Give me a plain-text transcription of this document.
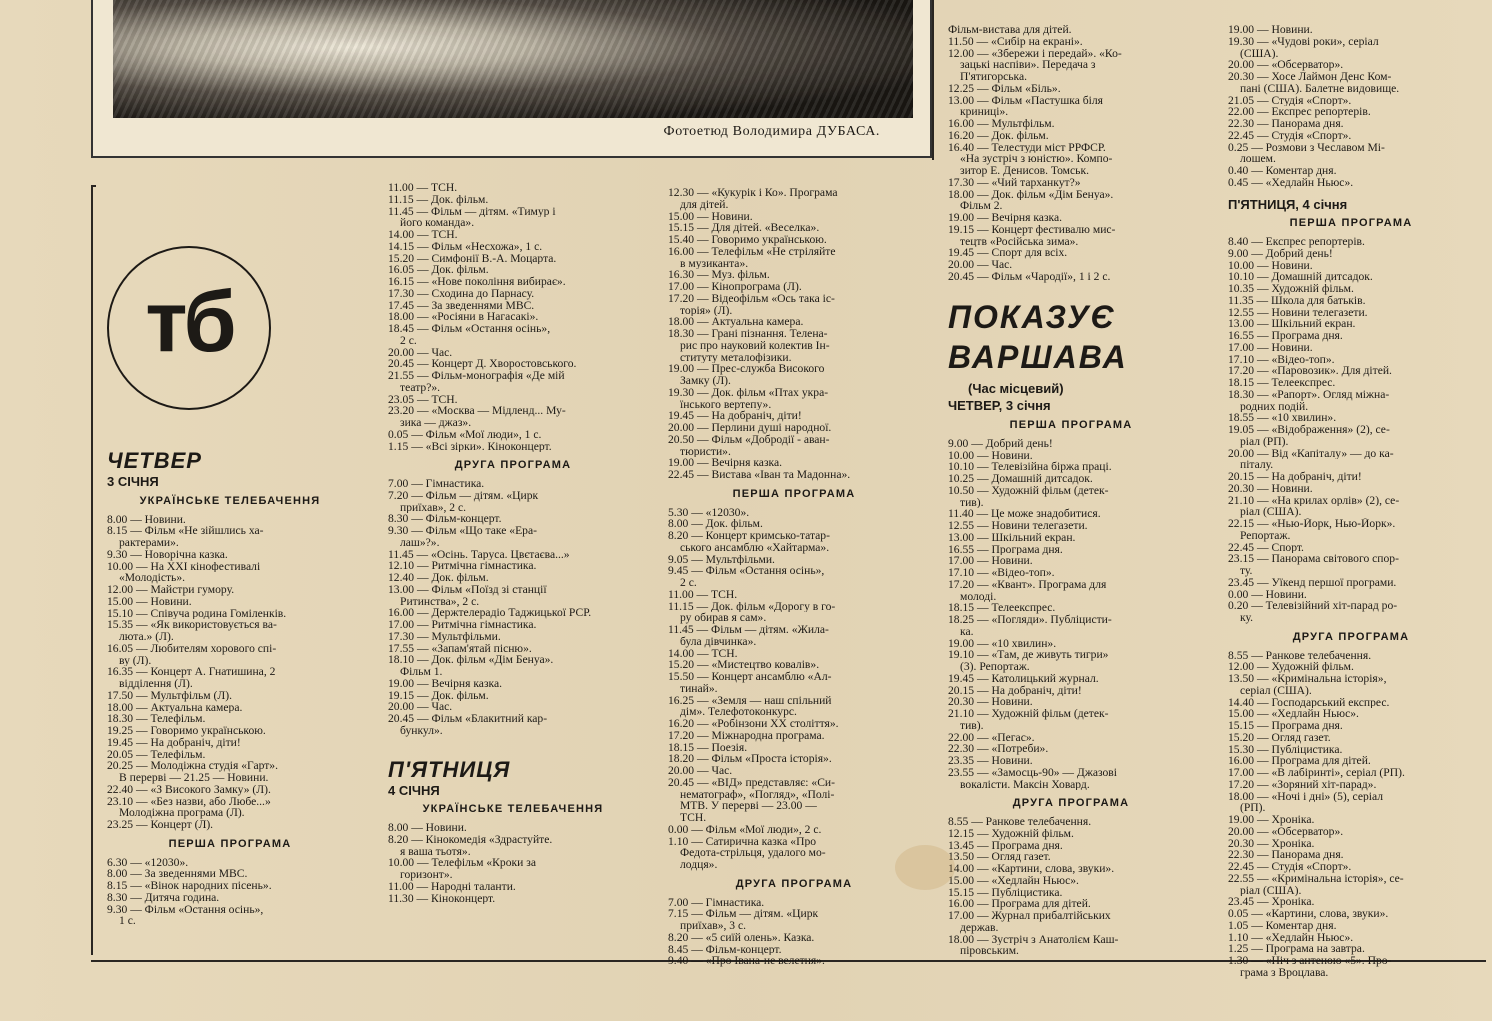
Фотоетюд Володимира ДУБАСА.
тб
ЧЕТВЕР
3 СІЧНЯ
УКРАЇНСЬКЕ ТЕЛЕБАЧЕННЯ
8.00 — Новини.
8.15 — Фільм «Не зійшлись ха-
рактерами».
9.30 — Новорічна казка.
10.00 — На XXI кінофестивалі
«Молодість».
12.00 — Майстри гумору.
15.00 — Новини.
15.10 — Співуча родина Гоміленків.
15.35 — «Як використовується ва-
люта.» (Л).
16.05 — Любителям хорового спі-
ву (Л).
16.35 — Концерт А. Гнатишина, 2
відділення (Л).
17.50 — Мультфільм (Л).
18.00 — Актуальна камера.
18.30 — Телефільм.
19.25 — Говоримо українською.
19.45 — На добраніч, діти!
20.05 — Телефільм.
20.25 — Молодіжна студія «Гарт».
В перерві — 21.25 — Новини.
22.40 — «З Високого Замку» (Л).
23.10 — «Без назви, або Любе...»
Молодіжна програма (Л).
23.25 — Концерт (Л).
ПЕРША ПРОГРАМА
6.30 — «12030».
8.00 — За зведеннями МВС.
8.15 — «Вінок народних пісень».
8.30 — Дитяча година.
9.30 — Фільм «Остання осінь»,
1 с.
11.00 — ТСН.
11.15 — Док. фільм.
11.45 — Фільм — дітям. «Тимур і
його команда».
14.00 — ТСН.
14.15 — Фільм «Несхожа», 1 с.
15.20 — Симфонії В.-А. Моцарта.
16.05 — Док. фільм.
16.15 — «Нове покоління вибирає».
17.30 — Сходина до Парнасу.
17.45 — За зведеннями МВС.
18.00 — «Росіяни в Нагасакі».
18.45 — Фільм «Остання осінь»,
2 с.
20.00 — Час.
20.45 — Концерт Д. Хворостовського.
21.55 — Фільм-монографія «Де мій
театр?».
23.05 — ТСН.
23.20 — «Москва — Мідленд... Му-
зика — джаз».
0.05 — Фільм «Мої люди», 1 с.
1.15 — «Всі зірки». Кіноконцерт.
ДРУГА ПРОГРАМА
7.00 — Гімнастика.
7.20 — Фільм — дітям. «Цирк
приїхав», 2 с.
8.30 — Фільм-концерт.
9.30 — Фільм «Що таке «Ера-
лаш»?».
11.45 — «Осінь. Таруса. Цвєтаєва...»
12.10 — Ритмічна гімнастика.
12.40 — Док. фільм.
13.00 — Фільм «Поїзд зі станції
Ритинства», 2 с.
16.00 — Держтелерадіо Таджицької РСР.
17.00 — Ритмічна гімнастика.
17.30 — Мультфільми.
17.55 — «Запам'ятай пісню».
18.10 — Док. фільм «Дім Бенуа».
Фільм 1.
19.00 — Вечірня казка.
19.15 — Док. фільм.
20.00 — Час.
20.45 — Фільм «Блакитний кар-
бункул».
П'ЯТНИЦЯ
4 СІЧНЯ
УКРАЇНСЬКЕ ТЕЛЕБАЧЕННЯ
8.00 — Новини.
8.20 — Кінокомедія «Здрастуйте.
я ваша тьотя».
10.00 — Телефільм «Кроки за
горизонт».
11.00 — Народні таланти.
11.30 — Кіноконцерт.
12.30 — «Кукурік і Ко». Програма
для дітей.
15.00 — Новини.
15.15 — Для дітей. «Веселка».
15.40 — Говоримо українською.
16.00 — Телефільм «Не стріляйте
в музиканта».
16.30 — Муз. фільм.
17.00 — Кінопрограма (Л).
17.20 — Відеофільм «Ось така іс-
торія» (Л).
18.00 — Актуальна камера.
18.30 — Грані пізнання. Телена-
рис про науковий колектив Ін-
ституту металофізики.
19.00 — Прес-служба Високого
Замку (Л).
19.30 — Док. фільм «Птах укра-
їнського вертепу».
19.45 — На добраніч, діти!
20.00 — Перлини душі народної.
20.50 — Фільм «Добродії - аван-
тюристи».
19.00 — Вечірня казка.
22.45 — Вистава «Іван та Мадонна».
ПЕРША ПРОГРАМА
5.30 — «12030».
8.00 — Док. фільм.
8.20 — Концерт кримсько-татар-
ського ансамблю «Хайтарма».
9.05 — Мультфільми.
9.45 — Фільм «Остання осінь»,
2 с.
11.00 — ТСН.
11.15 — Док. фільм «Дорогу в го-
ру обирав я сам».
11.45 — Фільм — дітям. «Жила-
була дівчинка».
14.00 — ТСН.
15.20 — «Мистецтво ковалів».
15.50 — Концерт ансамблю «Ал-
тинай».
16.25 — «Земля — наш спільний
дім». Телефотоконкурс.
16.20 — «Робінзони XX століття».
17.20 — Міжнародна програма.
18.15 — Поезія.
18.20 — Фільм «Проста історія».
20.00 — Час.
20.45 — «ВІД» представляє: «Си-
нематограф», «Погляд», «Полі-
МТВ. У перерві — 23.00 —
ТСН.
0.00 — Фільм «Мої люди», 2 с.
1.10 — Сатирична казка «Про
Федота-стрільця, удалого мо-
лодця».
ДРУГА ПРОГРАМА
7.00 — Гімнастика.
7.15 — Фільм — дітям. «Цирк
приїхав», 3 с.
8.20 — «5 сиїй олень». Казка.
8.45 — Фільм-концерт.
9.40 — «Про Івана-не велетня».
Фільм-вистава для дітей.
11.50 — «Сибір на екрані».
12.00 — «Збережи і передай». «Ко-
зацькі наспіви». Передача з
П'ятигорська.
12.25 — Фільм «Біль».
13.00 — Фільм «Пастушка біля
криниці».
16.00 — Мультфільм.
16.20 — Док. фільм.
16.40 — Телестуди міст РРФСР.
«На зустріч з юністю». Компо-
зитор Е. Денисов. Томськ.
17.30 — «Чий тарханкут?»
18.00 — Док. фільм «Дім Бенуа».
Фільм 2.
19.00 — Вечірня казка.
19.15 — Концерт фестивалю мис-
тецтв «Російська зима».
19.45 — Спорт для всіх.
20.00 — Час.
20.45 — Фільм «Чародії», 1 і 2 с.
ПОКАЗУЄ
ВАРШАВА
(Час місцевий)
ЧЕТВЕР, 3 січня
ПЕРША ПРОГРАМА
9.00 — Добрий день!
10.00 — Новини.
10.10 — Телевізійна біржа праці.
10.25 — Домашній дитсадок.
10.50 — Художній фільм (детек-
тив).
11.40 — Це може знадобитися.
12.55 — Новини телегазети.
13.00 — Шкільний екран.
16.55 — Програма дня.
17.00 — Новини.
17.10 — «Відео-топ».
17.20 — «Квант». Програма для
молоді.
18.15 — Телеекспрес.
18.25 — «Погляди». Публіцисти-
ка.
19.00 — «10 хвилин».
19.10 — «Там, де живуть тигри»
(3). Репортаж.
19.45 — Католицький журнал.
20.15 — На добраніч, діти!
20.30 — Новини.
21.10 — Художній фільм (детек-
тив).
22.00 — «Пегас».
22.30 — «Потреби».
23.35 — Новини.
23.55 — «Замосць-90» — Джазові
вокалісти. Максін Ховард.
ДРУГА ПРОГРАМА
8.55 — Ранкове телебачення.
12.15 — Художній фільм.
13.45 — Програма дня.
13.50 — Огляд газет.
14.00 — «Картини, слова, звуки».
15.00 — «Хедлайн Ньюс».
15.15 — Публіцистика.
16.00 — Програма для дітей.
17.00 — Журнал прибалтійських
держав.
18.00 — Зустріч з Анатолієм Каш-
піровським.
19.00 — Новини.
19.30 — «Чудові роки», серіал
(США).
20.00 — «Обсерватор».
20.30 — Хосе Лаймон Денс Ком-
пані (США). Балетне видовище.
21.05 — Студія «Спорт».
22.00 — Експрес репортерів.
22.30 — Панорама дня.
22.45 — Студія «Спорт».
0.25 — Розмови з Чеславом Мі-
лошем.
0.40 — Коментар дня.
0.45 — «Хедлайн Ньюс».
П'ЯТНИЦЯ, 4 січня
ПЕРША ПРОГРАМА
8.40 — Експрес репортерів.
9.00 — Добрий день!
10.00 — Новини.
10.10 — Домашній дитсадок.
10.35 — Художній фільм.
11.35 — Школа для батьків.
12.55 — Новини телегазети.
13.00 — Шкільний екран.
16.55 — Програма дня.
17.00 — Новини.
17.10 — «Відео-топ».
17.20 — «Паровозик». Для дітей.
18.15 — Телеекспрес.
18.30 — «Рапорт». Огляд міжна-
родних подій.
18.55 — «10 хвилин».
19.05 — «Відображення» (2), се-
ріал (РП).
20.00 — Від «Капіталу» — до ка-
піталу.
20.15 — На добраніч, діти!
20.30 — Новини.
21.10 — «На крилах орлів» (2), се-
ріал (США).
22.15 — «Нью-Йорк, Нью-Йорк».
Репортаж.
22.45 — Спорт.
23.15 — Панорама світового спор-
ту.
23.45 — Уїкенд першої програми.
0.00 — Новини.
0.20 — Телевізійний хіт-парад ро-
ку.
ДРУГА ПРОГРАМА
8.55 — Ранкове телебачення.
12.00 — Художній фільм.
13.50 — «Кримінальна історія»,
серіал (США).
14.40 — Господарський експрес.
15.00 — «Хедлайн Ньюс».
15.15 — Програма дня.
15.20 — Огляд газет.
15.30 — Публіцистика.
16.00 — Програма для дітей.
17.00 — «В лабіринті», серіал (РП).
17.20 — «Зоряний хіт-парад».
18.00 — «Ночі і дні» (5), серіал
(РП).
19.00 — Хроніка.
20.00 — «Обсерватор».
20.30 — Хроніка.
22.30 — Панорама дня.
22.45 — Студія «Спорт».
22.55 — «Кримінальна історія», се-
ріал (США).
23.45 — Хроніка.
0.05 — «Картини, слова, звуки».
1.05 — Коментар дня.
1.10 — «Хедлайн Ньюс».
1.25 — Програма на завтра.
1.30 — «Ніч з антеною «5». Про-
грама з Вроцлава.
